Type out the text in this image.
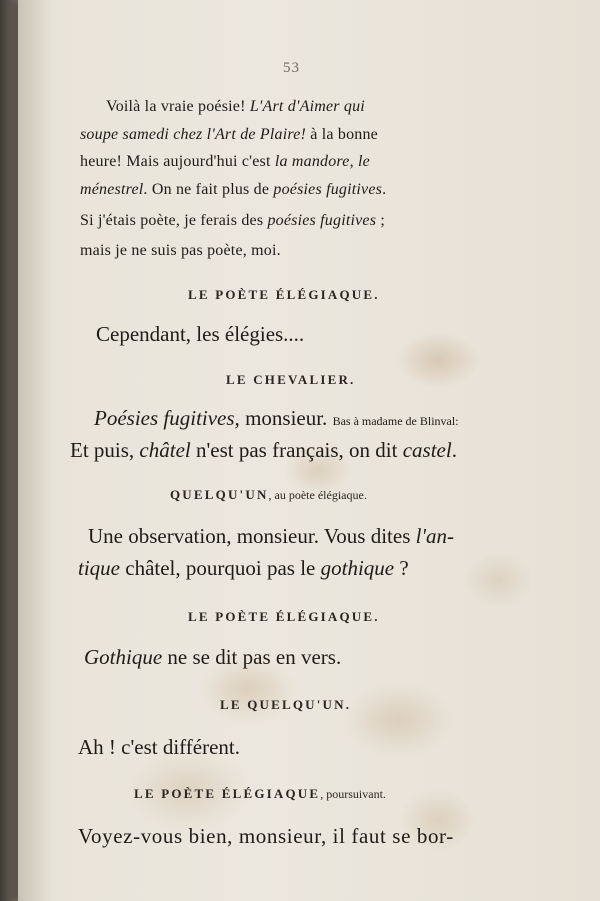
53
Voilà la vraie poésie! L'Art d'Aimer qui
soupe samedi chez l'Art de Plaire! à la bonne
heure! Mais aujourd'hui c'est la mandore, le
ménestrel. On ne fait plus de poésies fugitives.
Si j'étais poète, je ferais des poésies fugitives ;
mais je ne suis pas poète, moi.
LE POÈTE ÉLÉGIAQUE.
Cependant, les élégies....
LE CHEVALIER.
Poésies fugitives, monsieur. Bas à madame de Blinval:
Et puis, châtel n'est pas français, on dit castel.
QUELQU'UN, au poète élégiaque.
Une observation, monsieur. Vous dites l'an-
tique châtel, pourquoi pas le gothique ?
LE POÈTE ÉLÉGIAQUE.
Gothique ne se dit pas en vers.
LE QUELQU'UN.
Ah ! c'est différent.
LE POÈTE ÉLÉGIAQUE, poursuivant.
Voyez-vous bien, monsieur, il faut se bor-
